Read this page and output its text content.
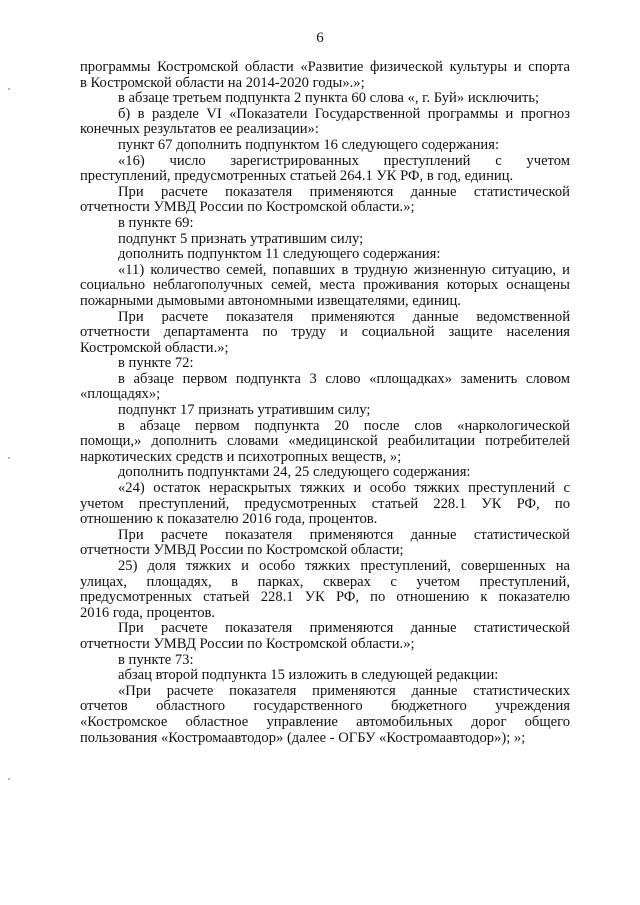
6
программы Костромской области «Развитие физической культуры и спорта
в Костромской области на 2014-2020 годы».»;
в абзаце третьем подпункта 2 пункта 60 слова «, г. Буй» исключить;
б) в разделе VI «Показатели Государственной программы и прогноз
конечных результатов ее реализации»:
пункт 67 дополнить подпунктом 16 следующего содержания:
«16) число зарегистрированных преступлений с учетом
преступлений, предусмотренных статьей 264.1 УК РФ, в год, единиц.
При расчете показателя применяются данные статистической
отчетности УМВД России по Костромской области.»;
в пункте 69:
подпункт 5 признать утратившим силу;
дополнить подпунктом 11 следующего содержания:
«11) количество семей, попавших в трудную жизненную ситуацию, и
социально неблагополучных семей, места проживания которых оснащены
пожарными дымовыми автономными извещателями, единиц.
При расчете показателя применяются данные ведомственной
отчетности департамента по труду и социальной защите населения
Костромской области.»;
в пункте 72:
в абзаце первом подпункта 3 слово «площадках» заменить словом
«площадях»;
подпункт 17 признать утратившим силу;
в абзаце первом подпункта 20 после слов «наркологической
помощи,» дополнить словами «медицинской реабилитации потребителей
наркотических средств и психотропных веществ, »;
дополнить подпунктами 24, 25 следующего содержания:
«24) остаток нераскрытых тяжких и особо тяжких преступлений с
учетом преступлений, предусмотренных статьей 228.1 УК РФ, по
отношению к показателю 2016 года, процентов.
При расчете показателя применяются данные статистической
отчетности УМВД России по Костромской области;
25) доля тяжких и особо тяжких преступлений, совершенных на
улицах, площадях, в парках, скверах с учетом преступлений,
предусмотренных статьей 228.1 УК РФ, по отношению к показателю
2016 года, процентов.
При расчете показателя применяются данные статистической
отчетности УМВД России по Костромской области.»;
в пункте 73:
абзац второй подпункта 15 изложить в следующей редакции:
«При расчете показателя применяются данные статистических
отчетов областного государственного бюджетного учреждения
«Костромское областное управление автомобильных дорог общего
пользования «Костромаавтодор» (далее - ОГБУ «Костромаавтодор»); »;
